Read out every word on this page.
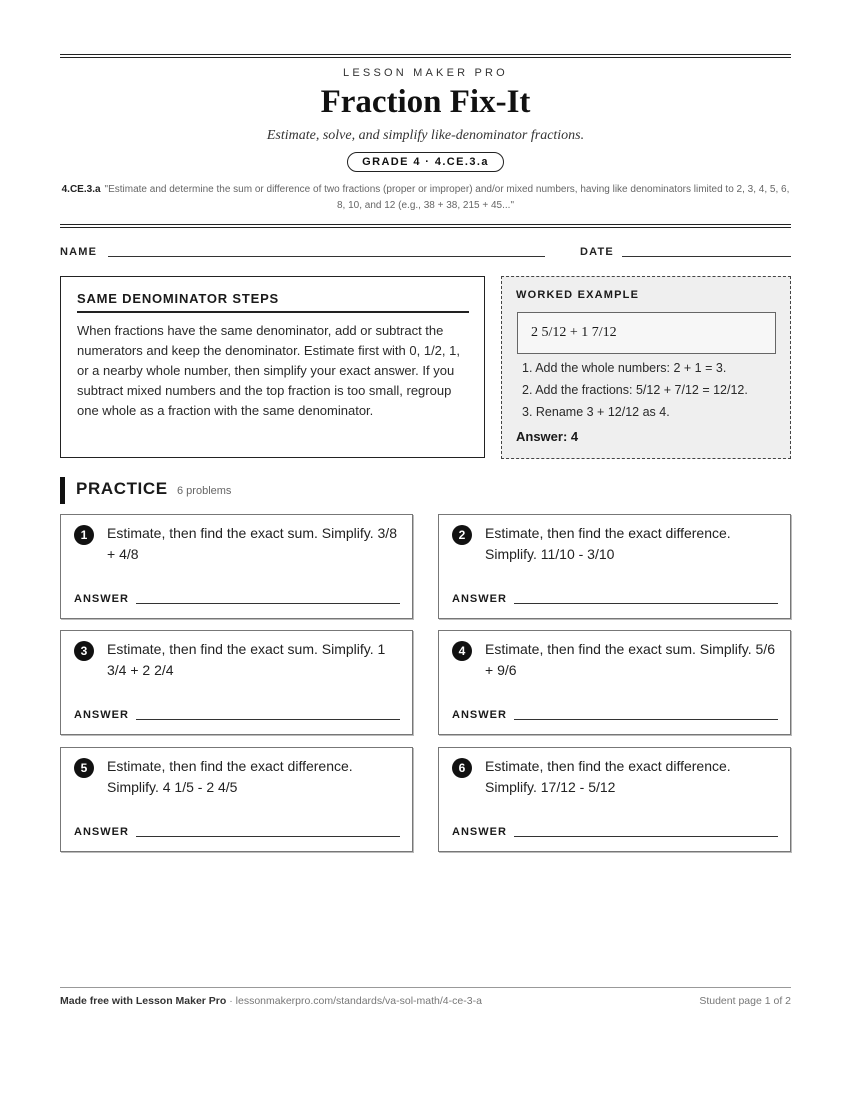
LESSON MAKER PRO
Fraction Fix-It
Estimate, solve, and simplify like-denominator fractions.
GRADE 4 · 4.CE.3.a
4.CE.3.a "Estimate and determine the sum or difference of two fractions (proper or improper) and/or mixed numbers, having like denominators limited to 2, 3, 4, 5, 6, 8, 10, and 12 (e.g., 38 + 38, 215 + 45..."
NAME	DATE
SAME DENOMINATOR STEPS

When fractions have the same denominator, add or subtract the numerators and keep the denominator. Estimate first with 0, 1/2, 1, or a nearby whole number, then simplify your exact answer. If you subtract mixed numbers and the top fraction is too small, regroup one whole as a fraction with the same denominator.

WORKED EXAMPLE
2 5/12 + 1 7/12
1. Add the whole numbers: 2 + 1 = 3.
2. Add the fractions: 5/12 + 7/12 = 12/12.
3. Rename 3 + 12/12 as 4.
Answer: 4
PRACTICE 6 problems
1	Estimate, then find the exact sum. Simplify. 3/8 + 4/8
ANSWER
2	Estimate, then find the exact difference. Simplify. 11/10 - 3/10
ANSWER
3	Estimate, then find the exact sum. Simplify. 1 3/4 + 2 2/4
ANSWER
4	Estimate, then find the exact sum. Simplify. 5/6 + 9/6
ANSWER
5	Estimate, then find the exact difference. Simplify. 4 1/5 - 2 4/5
ANSWER
6	Estimate, then find the exact difference. Simplify. 17/12 - 5/12
ANSWER
Made free with Lesson Maker Pro · lessonmakerpro.com/standards/va-sol-math/4-ce-3-a	Student page 1 of 2
